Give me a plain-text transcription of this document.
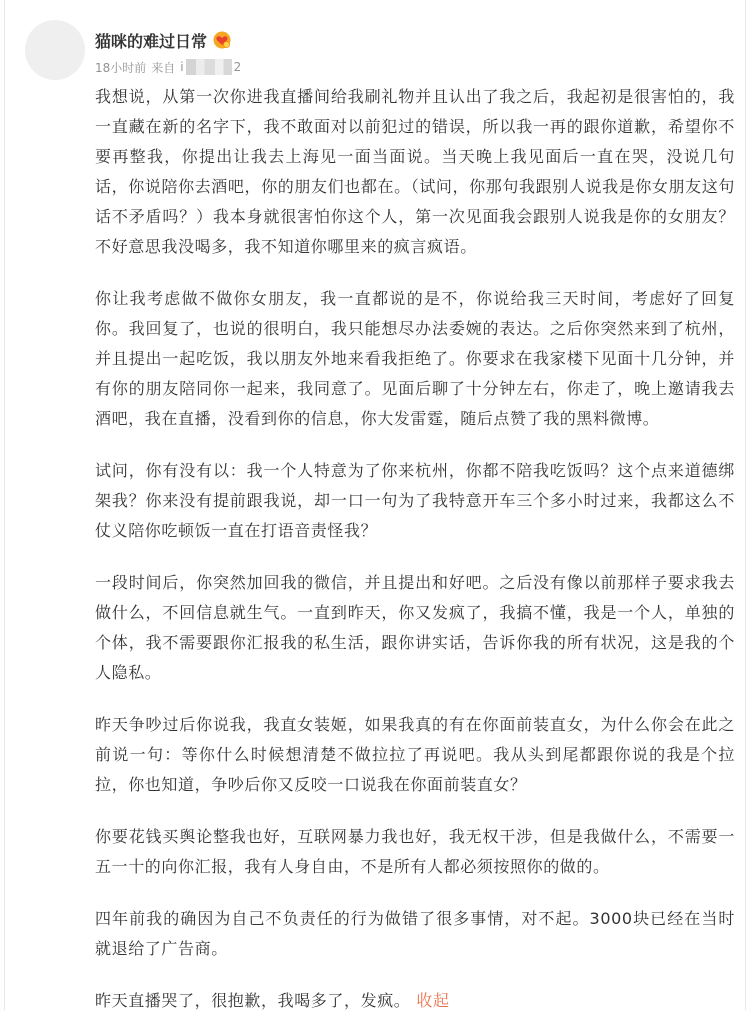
猫咪的难过日常
18小时前 来自 i	2

我想说，从第一次你进我直播间给我刷礼物并且认出了我之后，我起初是很害怕的，我一直藏在新的名字下，我不敢面对以前犯过的错误，所以我一再的跟你道歉，希望你不要再整我，你提出让我去上海见一面当面说。当天晚上我见面后一直在哭，没说几句话，你说陪你去酒吧，你的朋友们也都在。（试问，你那句我跟别人说我是你女朋友这句话不矛盾吗？）我本身就很害怕你这个人，第一次见面我会跟别人说我是你的女朋友？不好意思我没喝多，我不知道你哪里来的疯言疯语。

你让我考虑做不做你女朋友，我一直都说的是不，你说给我三天时间，考虑好了回复你。我回复了，也说的很明白，我只能想尽办法委婉的表达。之后你突然来到了杭州，并且提出一起吃饭，我以朋友外地来看我拒绝了。你要求在我家楼下见面十几分钟，并有你的朋友陪同你一起来，我同意了。见面后聊了十分钟左右，你走了，晚上邀请我去酒吧，我在直播，没看到你的信息，你大发雷霆，随后点赞了我的黑料微博。

试问，你有没有以：我一个人特意为了你来杭州，你都不陪我吃饭吗？这个点来道德绑架我？你来没有提前跟我说，却一口一句为了我特意开车三个多小时过来，我都这么不仗义陪你吃顿饭一直在打语音责怪我？

一段时间后，你突然加回我的微信，并且提出和好吧。之后没有像以前那样子要求我去做什么，不回信息就生气。一直到昨天，你又发疯了，我搞不懂，我是一个人，单独的个体，我不需要跟你汇报我的私生活，跟你讲实话，告诉你我的所有状况，这是我的个人隐私。

昨天争吵过后你说我，我直女装姬，如果我真的有在你面前装直女，为什么你会在此之前说一句：等你什么时候想清楚不做拉拉了再说吧。我从头到尾都跟你说的我是个拉拉，你也知道，争吵后你又反咬一口说我在你面前装直女？

你要花钱买舆论整我也好，互联网暴力我也好，我无权干涉，但是我做什么，不需要一五一十的向你汇报，我有人身自由，不是所有人都必须按照你的做的。

四年前我的确因为自己不负责任的行为做错了很多事情，对不起。3000块已经在当时就退给了广告商。

昨天直播哭了，很抱歉，我喝多了，发疯。 收起
